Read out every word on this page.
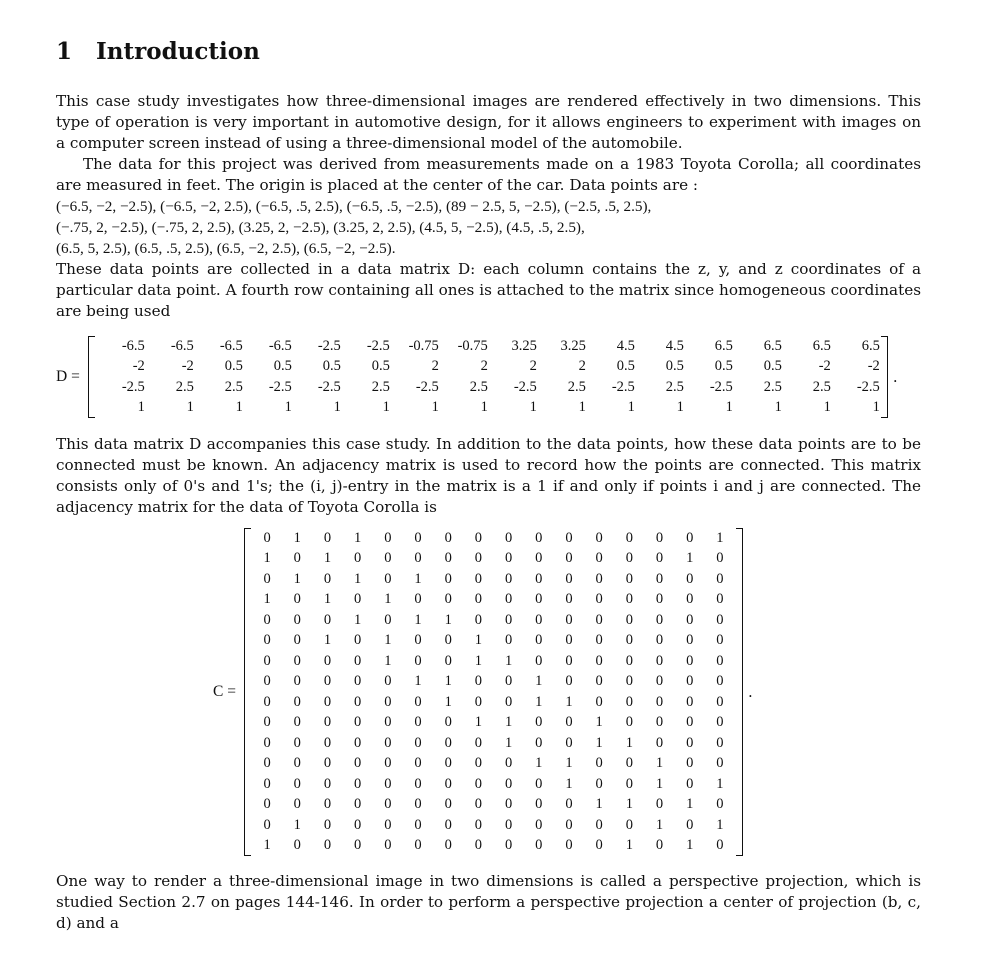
1 Introduction

This case study investigates how three-dimensional images are rendered effectively in two dimensions. This type of operation is very important in automotive design, for it allows engineers to experiment with images on a computer screen instead of using a three-dimensional model of the automobile.

The data for this project was derived from measurements made on a 1983 Toyota Corolla; all coordinates are measured in feet. The origin is placed at the center of the car. Data points are :

(−6.5, −2, −2.5), (−6.5, −2, 2.5), (−6.5, .5, 2.5), (−6.5, .5, −2.5), (89 − 2.5, 5, −2.5), (−2.5, .5, 2.5),
(−.75, 2, −2.5), (−.75, 2, 2.5), (3.25, 2, −2.5), (3.25, 2, 2.5), (4.5, 5, −2.5), (4.5, .5, 2.5),
(6.5, 5, 2.5), (6.5, .5, 2.5), (6.5, −2, 2.5), (6.5, −2, −2.5).

These data points are collected in a data matrix D: each column contains the z, y, and z coordinates of a particular data point. A fourth row containing all ones is attached to the matrix since homogeneous coordinates are being used

D =
-6.5	-6.5	-6.5	-6.5	-2.5	-2.5	-0.75	-0.75	3.25	3.25	4.5	4.5	6.5	6.5	6.5	6.5
-2	-2	0.5	0.5	0.5	0.5	2	2	2	2	0.5	0.5	0.5	0.5	-2	-2
-2.5	2.5	2.5	-2.5	-2.5	2.5	-2.5	2.5	-2.5	2.5	-2.5	2.5	-2.5	2.5	2.5	-2.5
1	1	1	1	1	1	1	1	1	1	1	1	1	1	1	1
.

This data matrix D accompanies this case study. In addition to the data points, how these data points are to be connected must be known. An adjacency matrix is used to record how the points are connected. This matrix consists only of 0's and 1's; the (i, j)-entry in the matrix is a 1 if and only if points i and j are connected. The adjacency matrix for the data of Toyota Corolla is

C =
0	1	0	1	0	0	0	0	0	0	0	0	0	0	0	1
1	0	1	0	0	0	0	0	0	0	0	0	0	0	1	0
0	1	0	1	0	1	0	0	0	0	0	0	0	0	0	0
1	0	1	0	1	0	0	0	0	0	0	0	0	0	0	0
0	0	0	1	0	1	1	0	0	0	0	0	0	0	0	0
0	0	1	0	1	0	0	1	0	0	0	0	0	0	0	0
0	0	0	0	1	0	0	1	1	0	0	0	0	0	0	0
0	0	0	0	0	1	1	0	0	1	0	0	0	0	0	0
0	0	0	0	0	0	1	0	0	1	1	0	0	0	0	0
0	0	0	0	0	0	0	1	1	0	0	1	0	0	0	0
0	0	0	0	0	0	0	0	1	0	0	1	1	0	0	0
0	0	0	0	0	0	0	0	0	1	1	0	0	1	0	0
0	0	0	0	0	0	0	0	0	0	1	0	0	1	0	1
0	0	0	0	0	0	0	0	0	0	0	1	1	0	1	0
0	1	0	0	0	0	0	0	0	0	0	0	0	1	0	1
1	0	0	0	0	0	0	0	0	0	0	0	1	0	1	0
.

One way to render a three-dimensional image in two dimensions is called a perspective projection, which is studied Section 2.7 on pages 144-146. In order to perform a perspective projection a center of projection (b, c, d) and a
